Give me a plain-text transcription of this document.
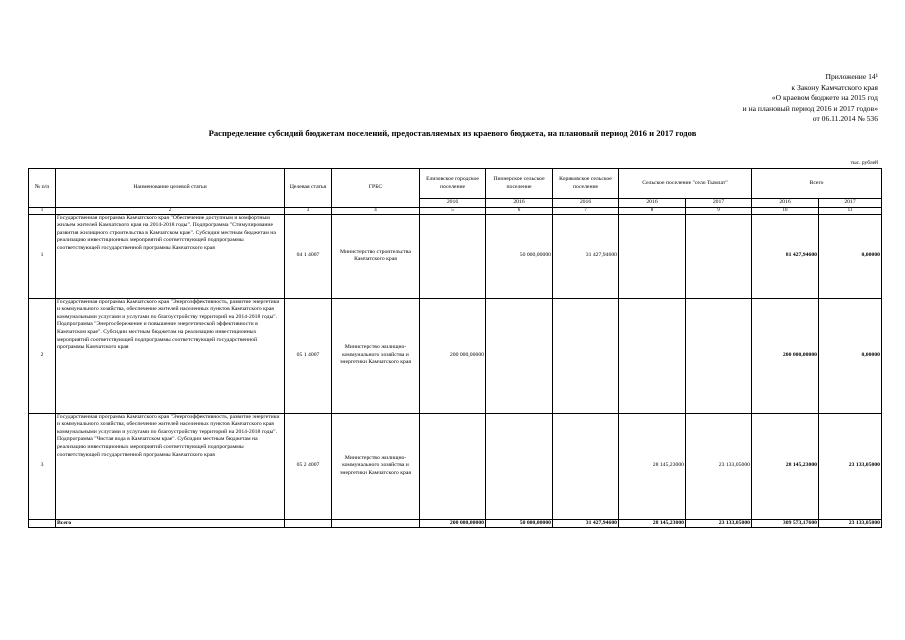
Приложение 14¹
к Закону Камчатского края
«О краевом бюджете на 2015 год
и на плановый период 2016 и 2017 годов»
от 06.11.2014 № 536
Распределение субсидий бюджетам поселений, предоставляемых из краевого бюджета, на плановый период 2016 и 2017 годов
тыс. рублей
№ п/п	Наименование целевой статьи	Целевая статья	ГРБС	Елизовское городское поселение	Пионерское сельское поселение	Коряковское сельское поселение	Сельское поселение "село Тымлат"		Всего	
				2016	2016	2016	2016	2017	2016	2017
1	2	3	4	5	6	7	8	9	10	11
1	Государственная программа Камчатского края "Обеспечение доступным и комфортным жильем жителей Камчатского края на 2014-2018 годы". Подпрограмма "Стимулирование развития жилищного строительства в Камчатском крае". Субсидии местным бюджетам на реализацию инвестиционных мероприятий соответствующей подпрограммы соответствующей государственной программы Камчатского края	04 1 4007	Министерство строительства Камчатского края		50 000,00000	31 427,94600			81 427,94600	0,00000
2	Государственная программа Камчатского края "Энергоэффективность, развитие энергетики и коммунального хозяйства, обеспечение жителей населенных пунктов Камчатского края коммунальными услугами и услугами по благоустройству территорий на 2014-2018 годы". Подпрограмма "Энергосбережение и повышение энергетической эффективности в Камчатском крае". Субсидии местным бюджетам на реализацию инвестиционных мероприятий соответствующей подпрограммы соответствующей государственной программы Камчатского края	05 1 4007	Министерство жилищно-коммунального хозяйства и энергетики Камчатского края	200 000,00000					200 000,00000	0,00000
3	Государственная программа Камчатского края "Энергоэффективность, развитие энергетики и коммунального хозяйства, обеспечение жителей населенных пунктов Камчатского края коммунальными услугами и услугами по благоустройству территорий на 2014-2018 годы". Подпрограмма "Чистая вода в Камчатском крае". Субсидии местным бюджетам на реализацию инвестиционных мероприятий соответствующей подпрограммы соответствующей государственной программы Камчатского края	05 2 4007	Министерство жилищно-коммунального хозяйства и энергетики Камчатского края				28 145,23000	23 133,05000	28 145,23000	23 133,05000
	Всего			200 000,00000	50 000,00000	31 427,94600	28 145,23000	23 133,05000	309 573,17600	23 133,05000
